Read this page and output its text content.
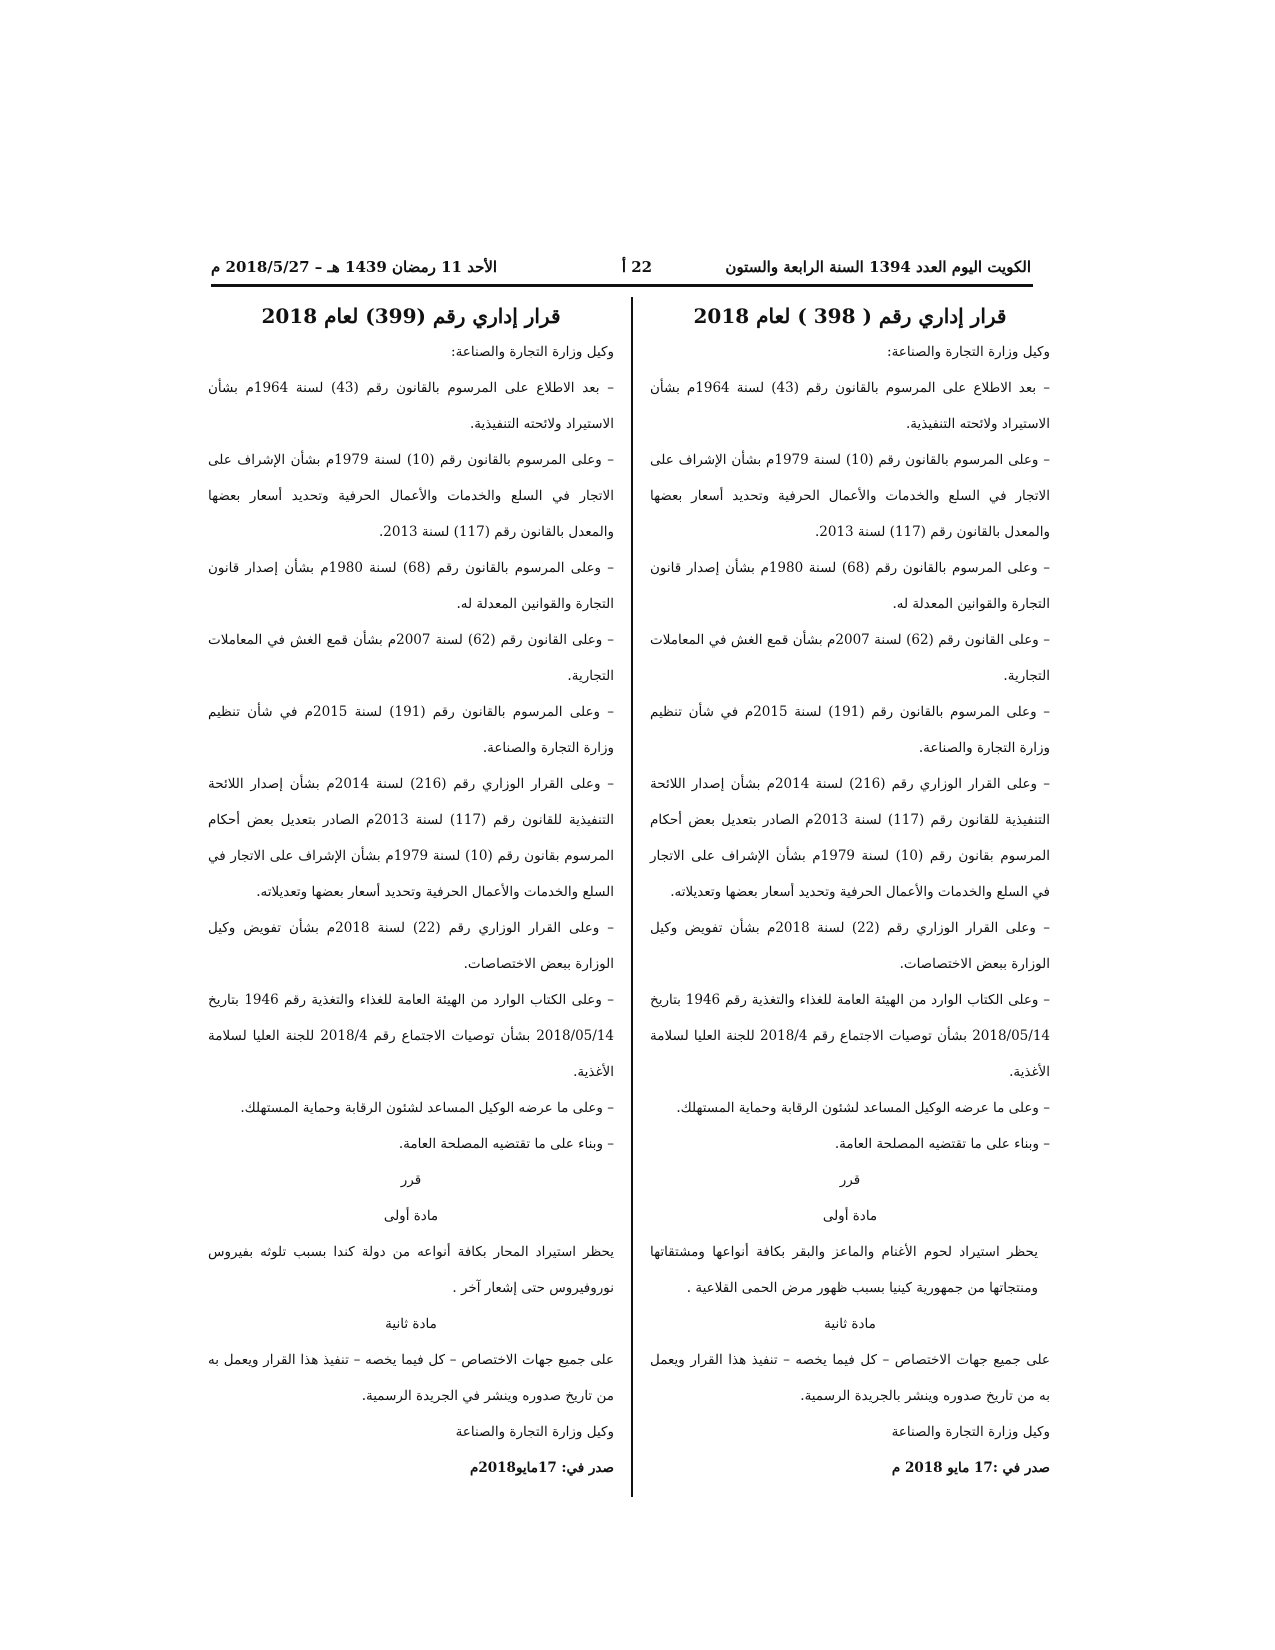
الكويت اليوم العدد 1394 السنة الرابعة والستون
22 أ
الأحد 11 رمضان 1439 هـ – 2018/5/27 م
قرار إداري رقم ( 398 ) لعام 2018

وكيل وزارة التجارة والصناعة:

– بعد الاطلاع على المرسوم بالقانون رقم (43) لسنة 1964م بشأن الاستيراد ولائحته التنفيذية.

– وعلى المرسوم بالقانون رقم (10) لسنة 1979م بشأن الإشراف على الاتجار في السلع والخدمات والأعمال الحرفية وتحديد أسعار بعضها والمعدل بالقانون رقم (117) لسنة 2013.

– وعلى المرسوم بالقانون رقم (68) لسنة 1980م بشأن إصدار قانون التجارة والقوانين المعدلة له.

– وعلى القانون رقم (62) لسنة 2007م بشأن قمع الغش في المعاملات التجارية.

– وعلى المرسوم بالقانون رقم (191) لسنة 2015م في شأن تنظيم وزارة التجارة والصناعة.

– وعلى القرار الوزاري رقم (216) لسنة 2014م بشأن إصدار اللائحة التنفيذية للقانون رقم (117) لسنة 2013م الصادر بتعديل بعض أحكام المرسوم بقانون رقم (10) لسنة 1979م بشأن الإشراف على الاتجار في السلع والخدمات والأعمال الحرفية وتحديد أسعار بعضها وتعديلاته.

– وعلى القرار الوزاري رقم (22) لسنة 2018م بشأن تفويض وكيل الوزارة ببعض الاختصاصات.

– وعلى الكتاب الوارد من الهيئة العامة للغذاء والتغذية رقم 1946 بتاريخ 2018/05/14 بشأن توصيات الاجتماع رقم 2018/4 للجنة العليا لسلامة الأغذية.

– وعلى ما عرضه الوكيل المساعد لشئون الرقابة وحماية المستهلك.

– وبناء على ما تقتضيه المصلحة العامة.

قرر

مادة أولى

يحظر استيراد لحوم الأغنام والماعز والبقر بكافة أنواعها ومشتقاتها ومنتجاتها من جمهورية كينيا بسبب ظهور مرض الحمى القلاعية .

مادة ثانية

على جميع جهات الاختصاص – كل فيما يخصه – تنفيذ هذا القرار ويعمل به من تاريخ صدوره وينشر بالجريدة الرسمية.

وكيل وزارة التجارة والصناعة

صدر في :17 مايو 2018 م

قرار إداري رقم (399) لعام 2018

وكيل وزارة التجارة والصناعة:

– بعد الاطلاع على المرسوم بالقانون رقم (43) لسنة 1964م بشأن الاستيراد ولائحته التنفيذية.

– وعلى المرسوم بالقانون رقم (10) لسنة 1979م بشأن الإشراف على الاتجار في السلع والخدمات والأعمال الحرفية وتحديد أسعار بعضها والمعدل بالقانون رقم (117) لسنة 2013.

– وعلى المرسوم بالقانون رقم (68) لسنة 1980م بشأن إصدار قانون التجارة والقوانين المعدلة له.

– وعلى القانون رقم (62) لسنة 2007م بشأن قمع الغش في المعاملات التجارية.

– وعلى المرسوم بالقانون رقم (191) لسنة 2015م في شأن تنظيم وزارة التجارة والصناعة.

– وعلى القرار الوزاري رقم (216) لسنة 2014م بشأن إصدار اللائحة التنفيذية للقانون رقم (117) لسنة 2013م الصادر بتعديل بعض أحكام المرسوم بقانون رقم (10) لسنة 1979م بشأن الإشراف على الاتجار في السلع والخدمات والأعمال الحرفية وتحديد أسعار بعضها وتعديلاته.

– وعلى القرار الوزاري رقم (22) لسنة 2018م بشأن تفويض وكيل الوزارة ببعض الاختصاصات.

– وعلى الكتاب الوارد من الهيئة العامة للغذاء والتغذية رقم 1946 بتاريخ 2018/05/14 بشأن توصيات الاجتماع رقم 2018/4 للجنة العليا لسلامة الأغذية.

– وعلى ما عرضه الوكيل المساعد لشئون الرقابة وحماية المستهلك.

– وبناء على ما تقتضيه المصلحة العامة.

قرر

مادة أولى

يحظر استيراد المحار بكافة أنواعه من دولة كندا بسبب تلوثه بفيروس نوروفيروس حتى إشعار آخر .

مادة ثانية

على جميع جهات الاختصاص – كل فيما يخصه – تنفيذ هذا القرار ويعمل به من تاريخ صدوره وينشر في الجريدة الرسمية.

وكيل وزارة التجارة والصناعة

صدر في: 17مايو2018م
